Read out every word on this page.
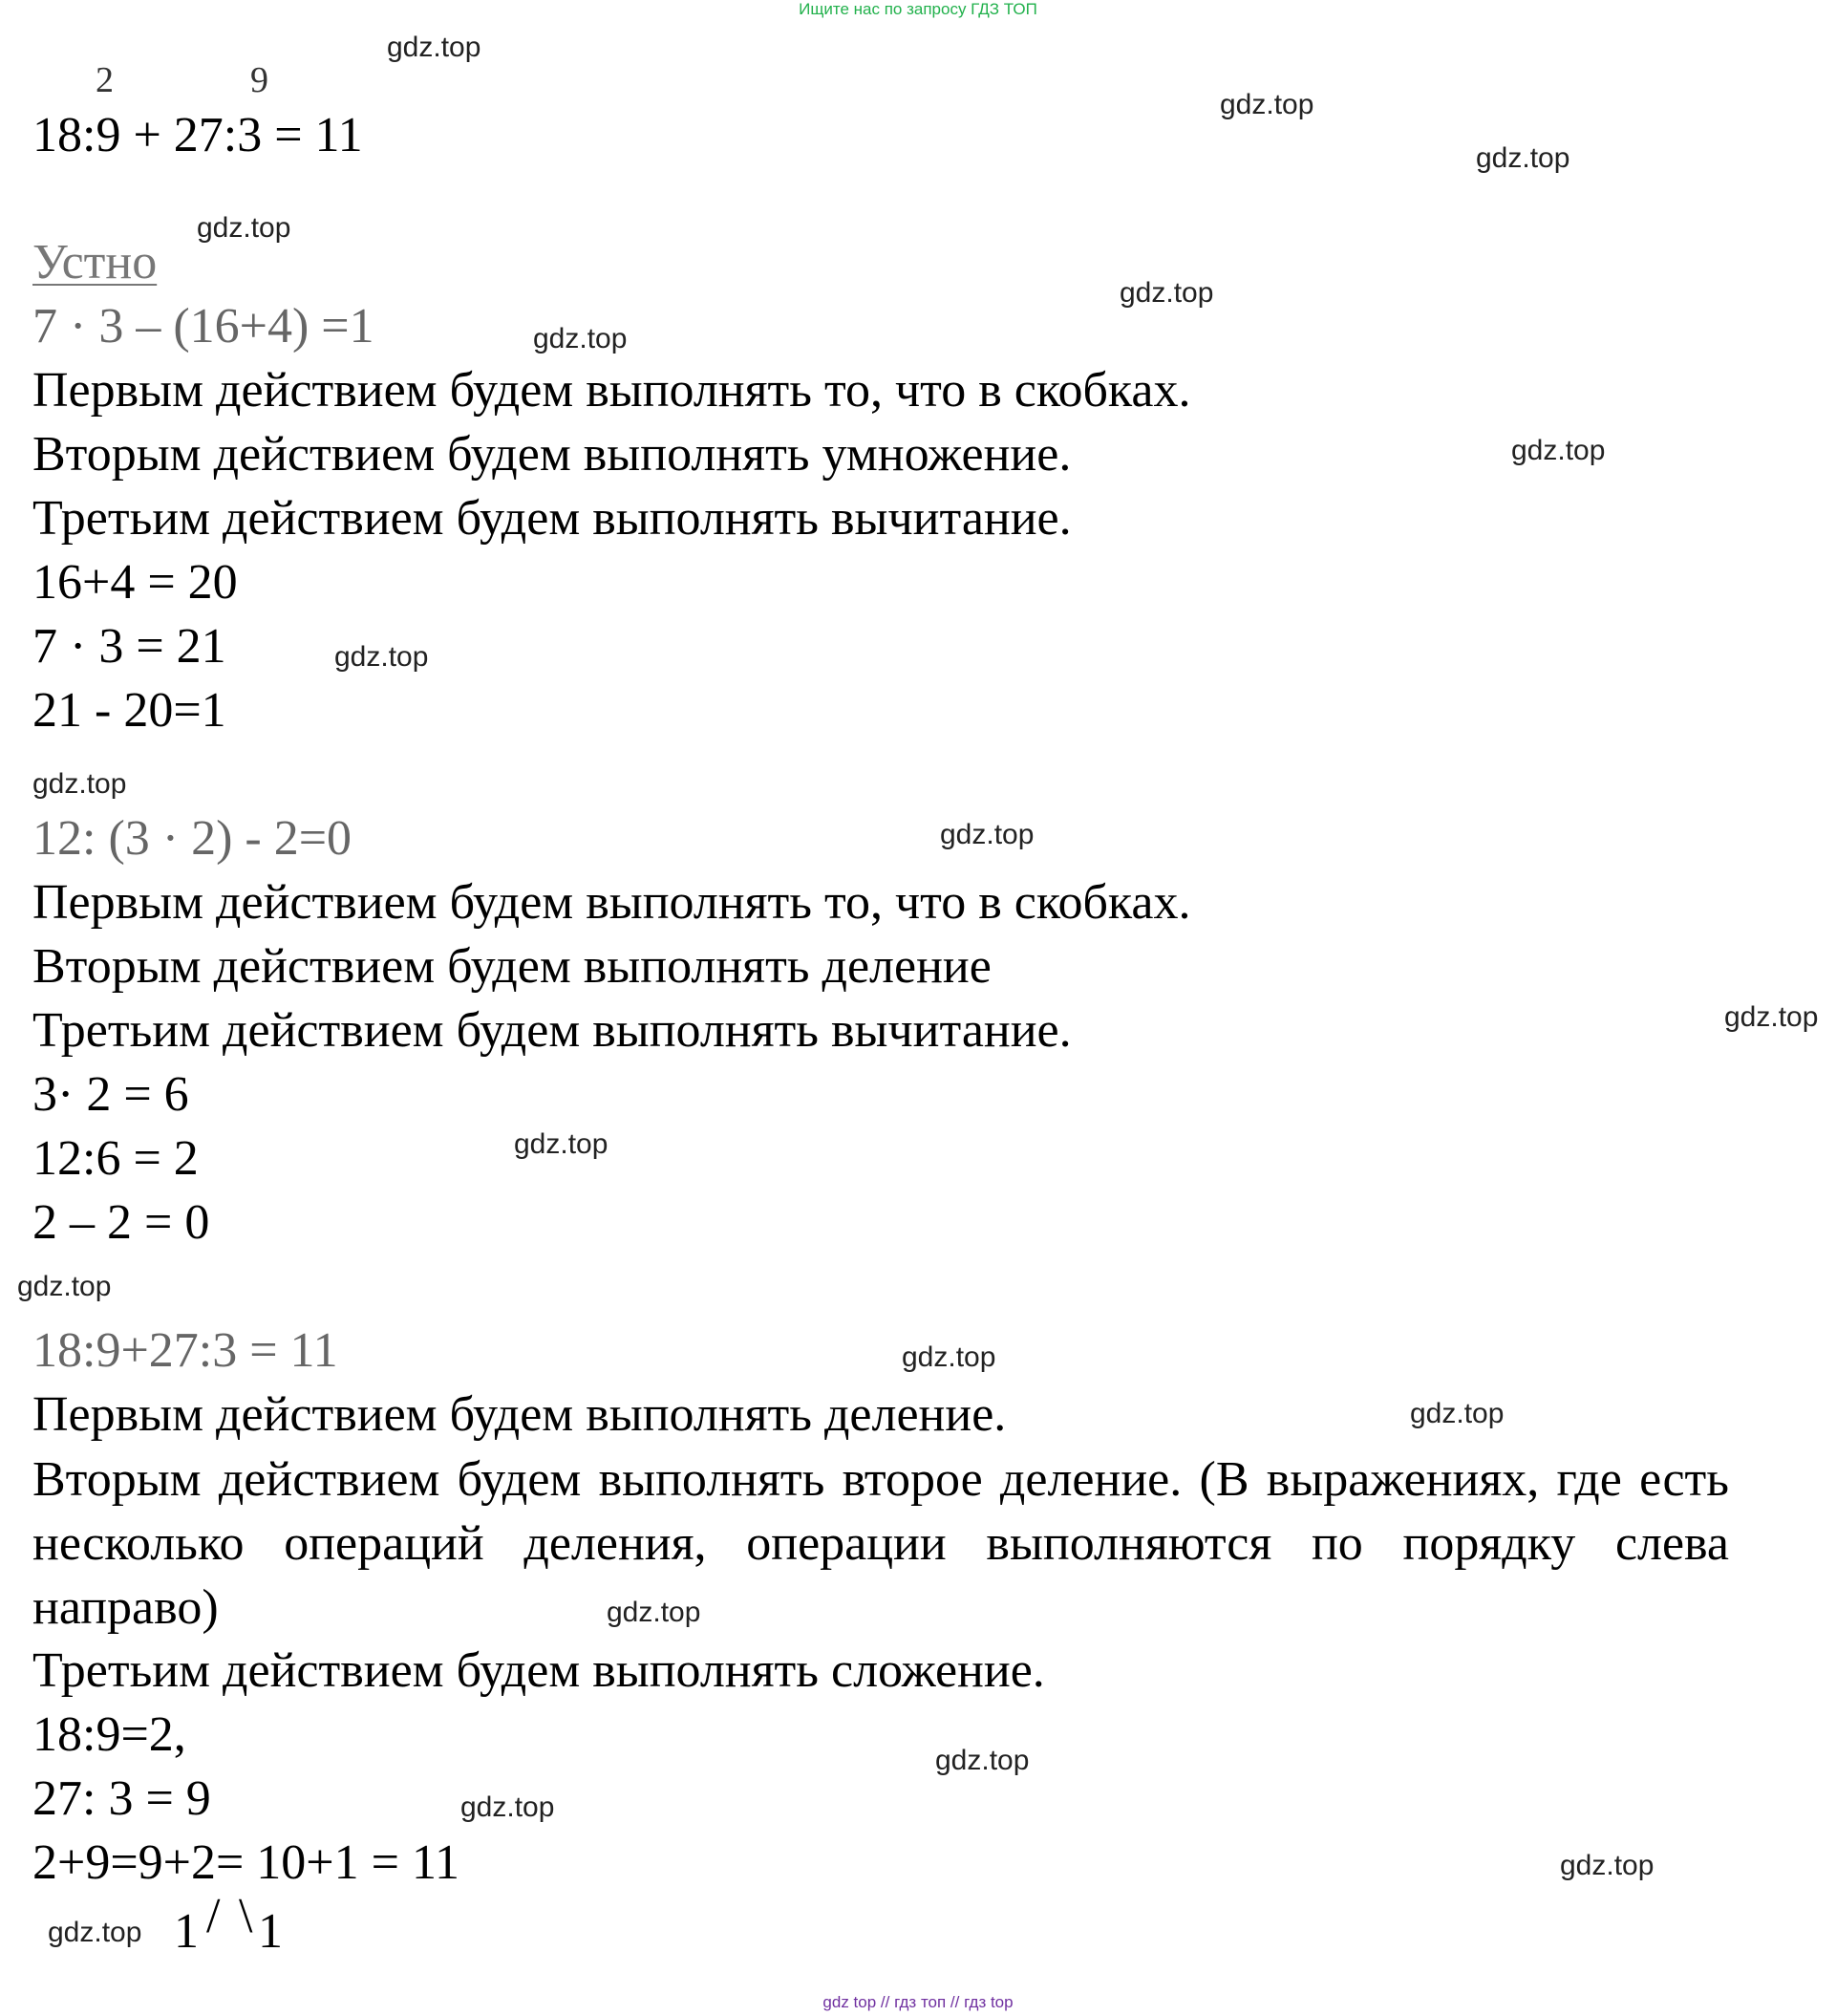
Ищите нас по запросу ГДЗ ТОП
gdz.top
gdz.top
gdz.top
gdz.top
gdz.top
gdz.top
gdz.top
gdz.top
gdz.top
gdz.top
gdz.top
gdz.top
gdz.top
gdz.top
gdz.top
gdz.top
gdz.top
gdz.top
gdz.top
gdz.top
2	9
18:9 + 27:3 = 11
Устно
7 · 3 – (16+4) =1
Первым действием будем выполнять то, что в скобках.
Вторым действием будем выполнять умножение.
Третьим действием будем выполнять вычитание.
16+4 = 20
7 · 3 = 21
21 - 20=1
12: (3 · 2) - 2=0
Первым действием будем выполнять то, что в скобках.
Вторым действием будем выполнять деление
Третьим действием будем выполнять вычитание.
3· 2 = 6
12:6 = 2
2 – 2 = 0
18:9+27:3 = 11
Первым действием будем выполнять деление.
Вторым действием будем выполнять второе деление. (В выражениях, где есть несколько операций деления, операции выполняются по порядку слева направо)
Третьим действием будем выполнять сложение.
18:9=2,
27: 3 = 9
2+9=9+2= 10+1 = 11
1 / \ 1
gdz top // гдз топ // гдз top
